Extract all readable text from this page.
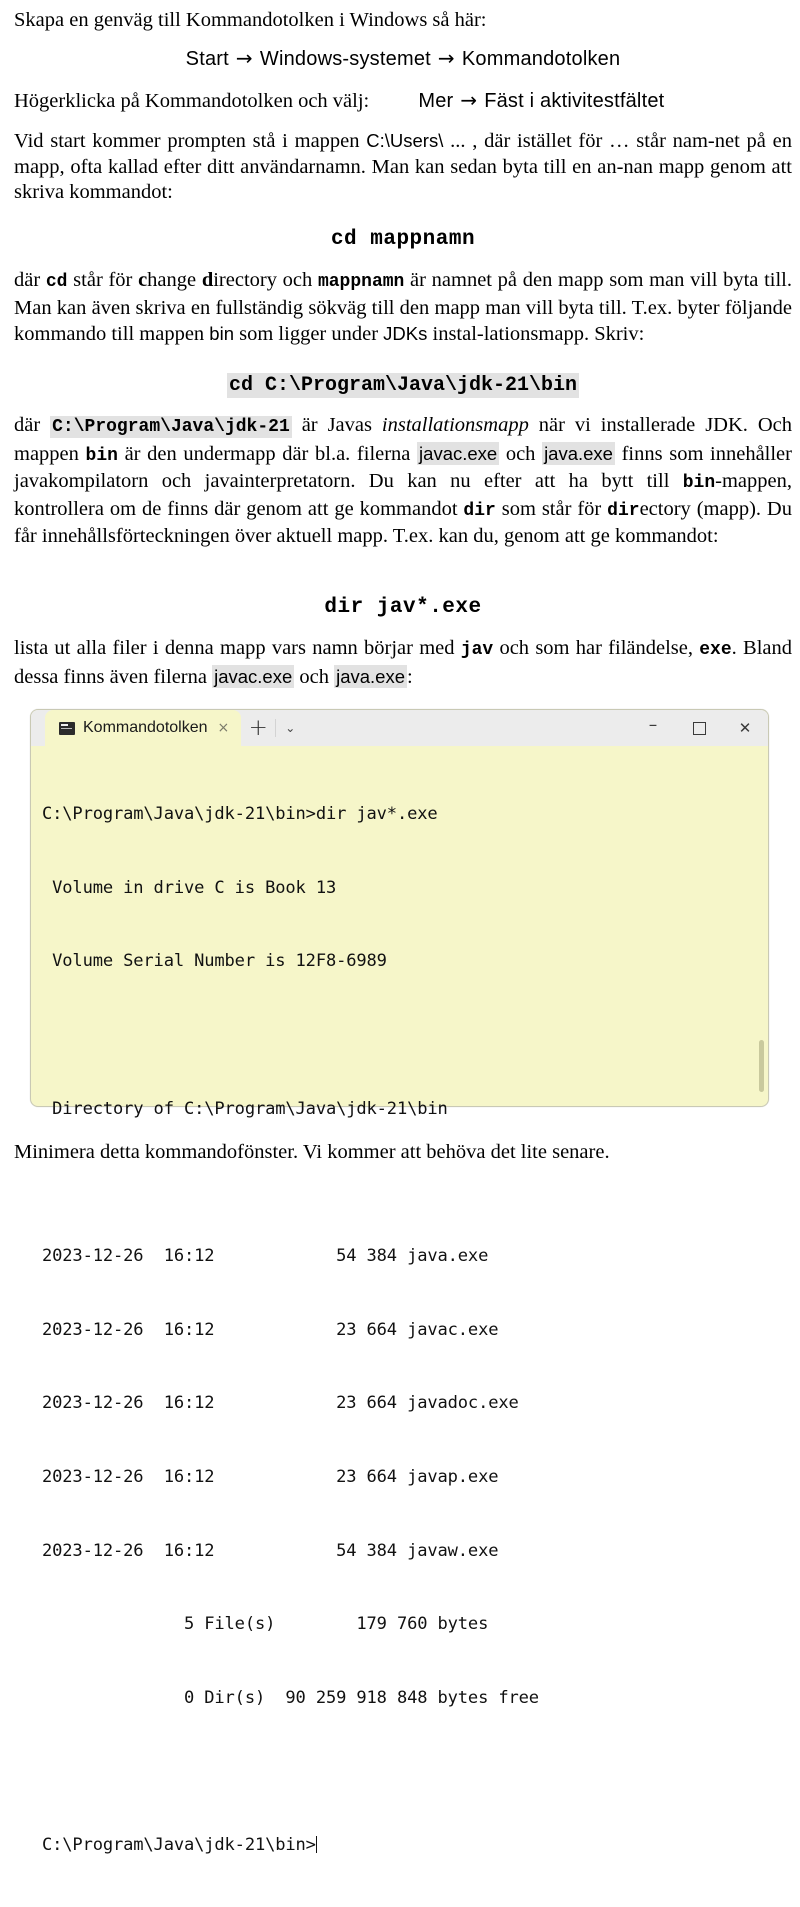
Skapa en genväg till Kommandotolken i Windows så här:
Start → Windows-systemet → Kommandotolken
Högerklicka på Kommandotolken och välj: Mer → Fäst i aktivitestfältet
Vid start kommer prompten stå i mappen C:\Users\ ... , där istället för … står nam-net på en mapp, ofta kallad efter ditt användarnamn. Man kan sedan byta till en an-nan mapp genom att skriva kommandot:
cd mappnamn
där cd står för change directory och mappnamn är namnet på den mapp som man vill byta till. Man kan även skriva en fullständig sökväg till den mapp man vill byta till. T.ex. byter följande kommando till mappen bin som ligger under JDKs instal-lationsmapp. Skriv:
cd C:\Program\Java\jdk-21\bin
där C:\Program\Java\jdk-21 är Javas installationsmapp när vi installerade JDK. Och mappen bin är den undermapp där bl.a. filerna javac.exe och java.exe finns som innehåller javakompilatorn och javainterpretatorn. Du kan nu efter att ha bytt till bin-mappen, kontrollera om de finns där genom att ge kommandot dir som står för directory (mapp). Du får innehållsförteckningen över aktuell mapp. T.ex. kan du, genom att ge kommandot:
dir jav*.exe
lista ut alla filer i denna mapp vars namn börjar med jav och som har filändelse, exe. Bland dessa finns även filerna javac.exe och java.exe:
Kommandotolken × +	⌄	–	✕

C:\Program\Java\jdk-21\bin>dir jav*.exe

Volume in drive C is Book 13

Volume Serial Number is 12F8-6989

Directory of C:\Program\Java\jdk-21\bin

2023-12-26  16:12            54 384 java.exe

2023-12-26  16:12            23 664 javac.exe

2023-12-26  16:12            23 664 javadoc.exe

2023-12-26  16:12            23 664 javap.exe

2023-12-26  16:12            54 384 javaw.exe

5 File(s)        179 760 bytes

0 Dir(s)  90 259 918 848 bytes free

C:\Program\Java\jdk-21\bin>

Minimera detta kommandofönster. Vi kommer att behöva det lite senare.
